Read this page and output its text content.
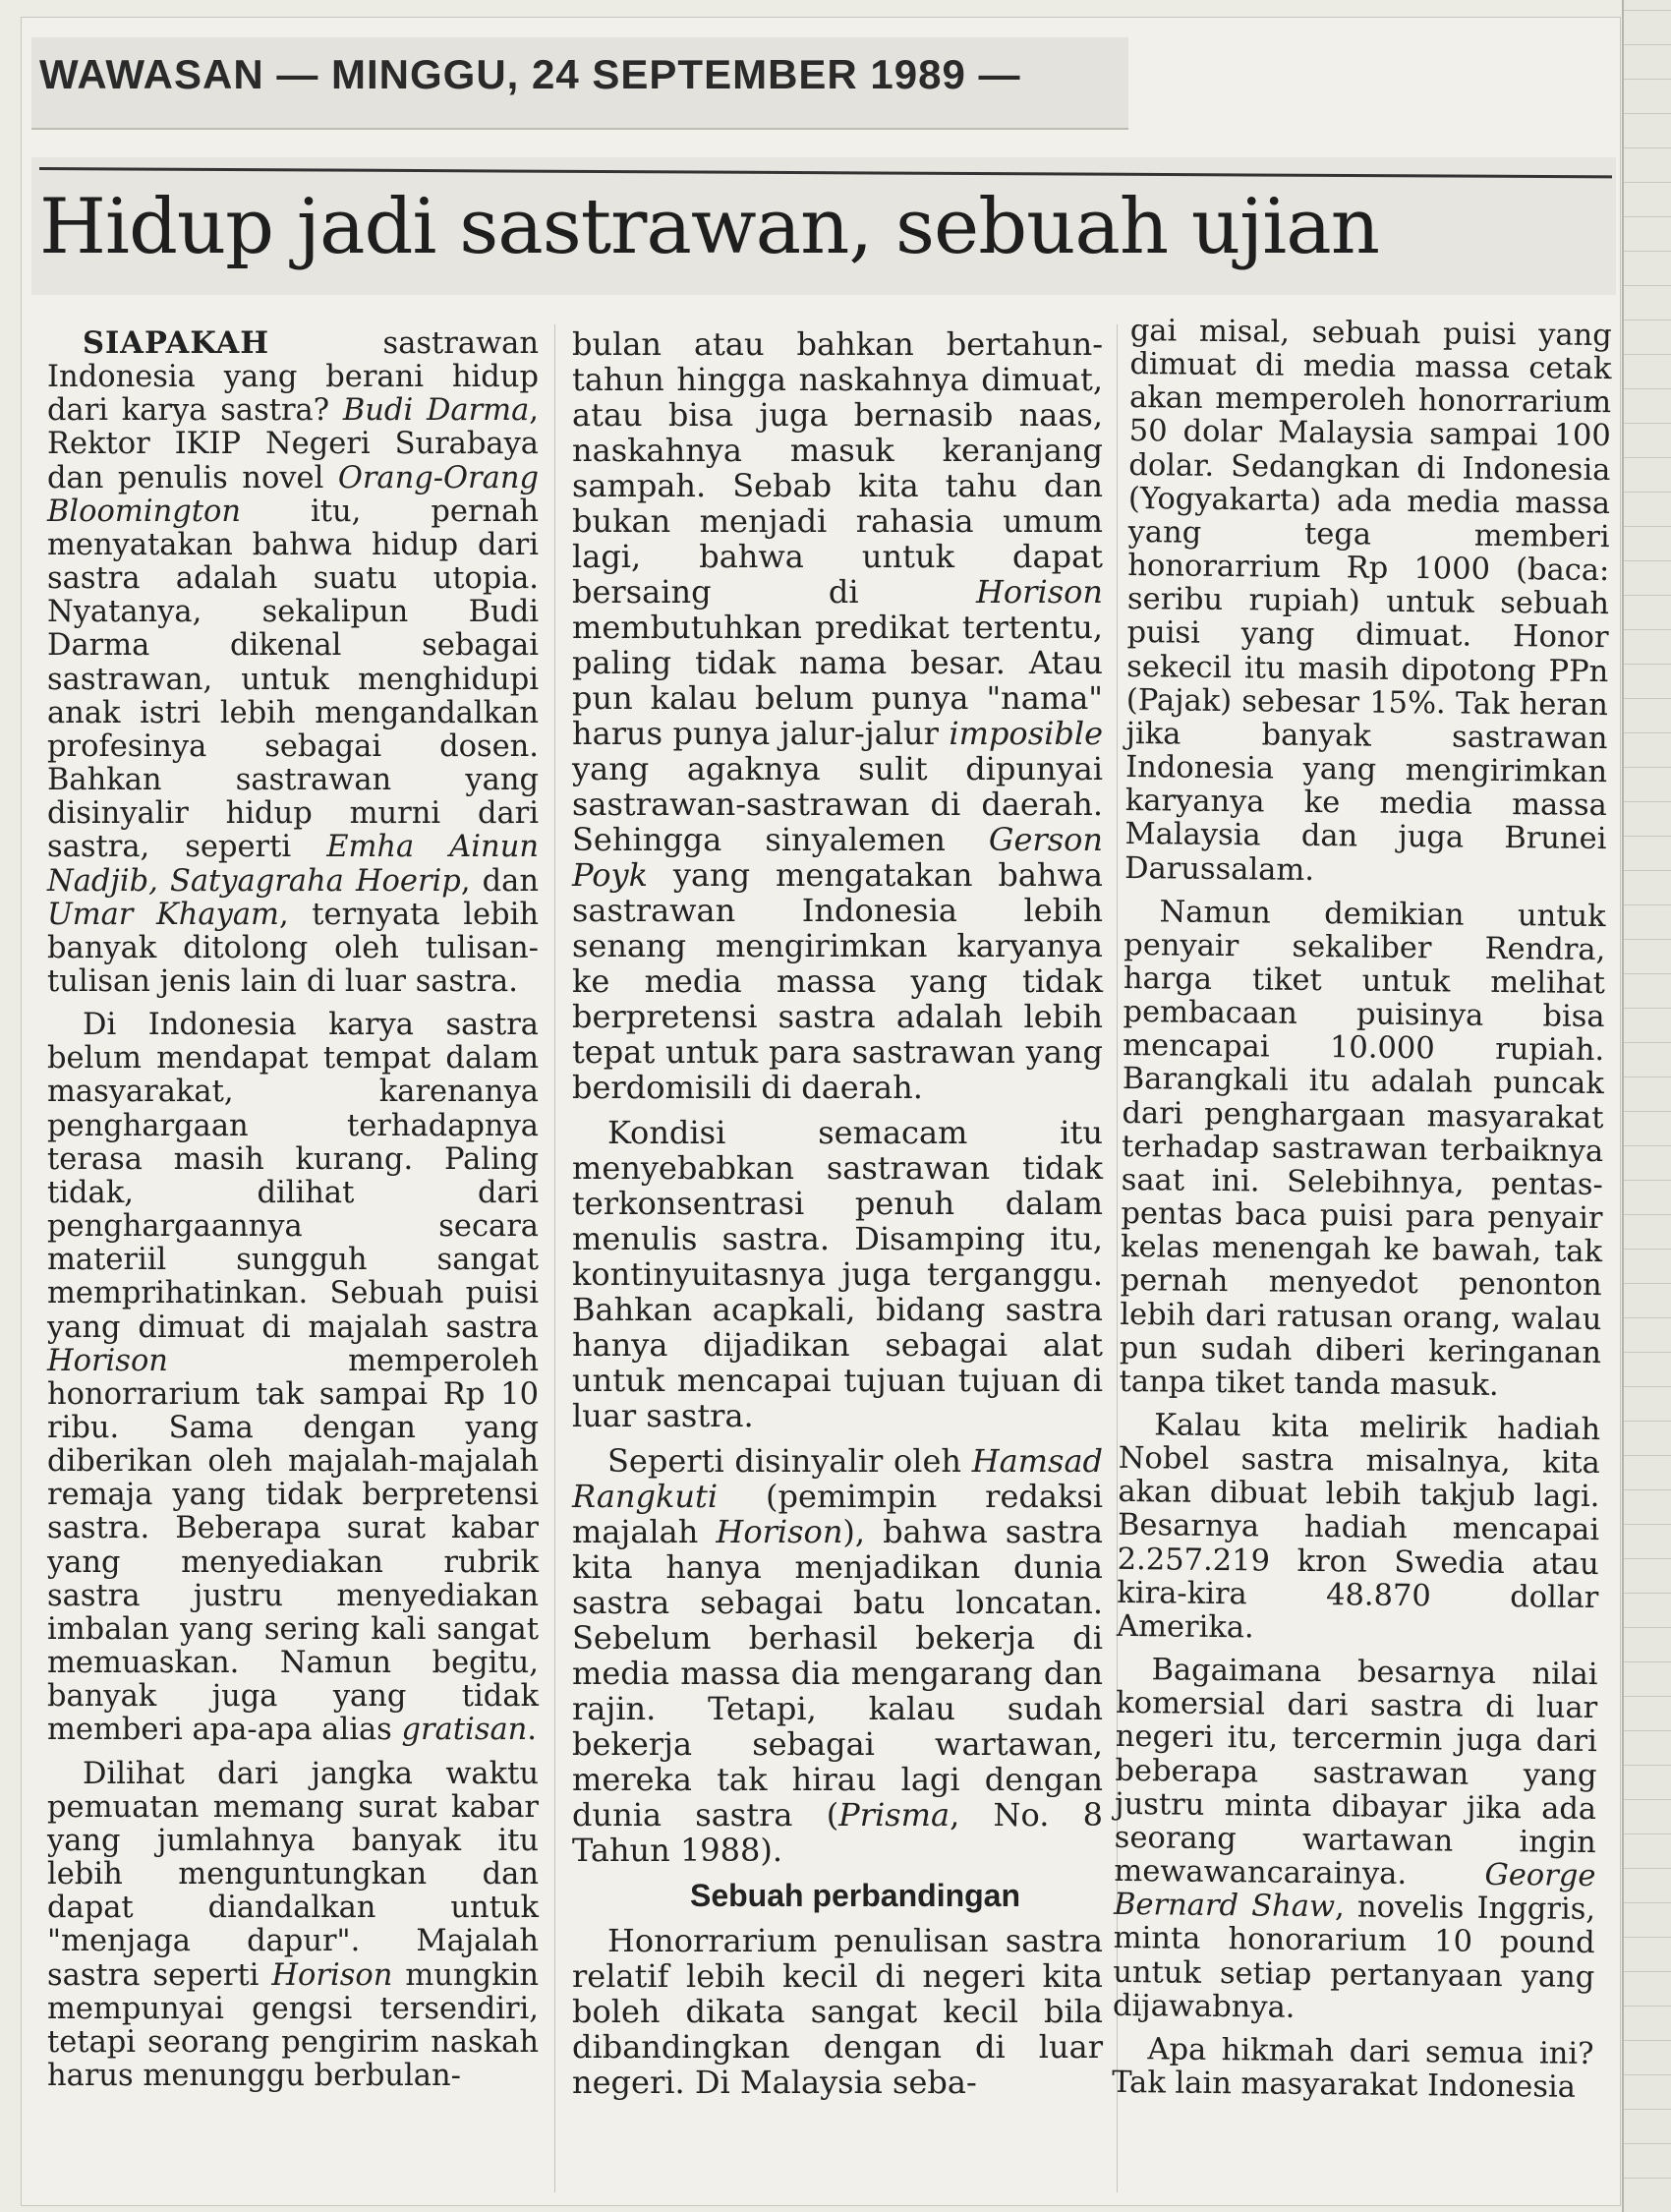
WAWASAN — MINGGU, 24 SEPTEMBER 1989 —
Hidup jadi sastrawan, sebuah ujian

SIAPAKAH sastrawan Indonesia yang berani hidup dari karya sastra? Budi Darma, Rektor IKIP Negeri Surabaya dan penulis novel Orang-Orang Bloomington itu, pernah menyatakan bahwa hidup dari sastra adalah suatu utopia. Nyatanya, sekalipun Budi Darma dikenal sebagai sastrawan, untuk menghidupi anak istri lebih mengandalkan profesinya sebagai dosen. Bahkan sastrawan yang disinyalir hidup murni dari sastra, seperti Emha Ainun Nadjib, Satyagraha Hoerip, dan Umar Khayam, ternyata lebih banyak ditolong oleh tulisan-tulisan jenis lain di luar sastra.

Di Indonesia karya sastra belum mendapat tempat dalam masyarakat, karenanya penghargaan terhadapnya terasa masih kurang. Paling tidak, dilihat dari penghargaannya secara materiil sungguh sangat memprihatinkan. Sebuah puisi yang dimuat di majalah sastra Horison memperoleh honorrarium tak sampai Rp 10 ribu. Sama dengan yang diberikan oleh majalah-majalah remaja yang tidak berpretensi sastra. Beberapa surat kabar yang menyediakan rubrik sastra justru menyediakan imbalan yang sering kali sangat memuaskan. Namun begitu, banyak juga yang tidak memberi apa-apa alias gratisan.

Dilihat dari jangka waktu pemuatan memang surat kabar yang jumlahnya banyak itu lebih menguntungkan dan dapat diandalkan untuk "menjaga dapur". Majalah sastra seperti Horison mungkin mempunyai gengsi tersendiri, tetapi seorang pengirim naskah harus menunggu berbulan-

bulan atau bahkan bertahun-tahun hingga naskahnya dimuat, atau bisa juga bernasib naas, naskahnya masuk keranjang sampah. Sebab kita tahu dan bukan menjadi rahasia umum lagi, bahwa untuk dapat bersaing di Horison membutuhkan predikat tertentu, paling tidak nama besar. Atau pun kalau belum punya "nama" harus punya jalur-jalur imposible yang agaknya sulit dipunyai sastrawan-sastrawan di daerah. Sehingga sinyalemen Gerson Poyk yang mengatakan bahwa sastrawan Indonesia lebih senang mengirimkan karyanya ke media massa yang tidak berpretensi sastra adalah lebih tepat untuk para sastrawan yang berdomisili di daerah.

Kondisi semacam itu menyebabkan sastrawan tidak terkonsentrasi penuh dalam menulis sastra. Disamping itu, kontinyuitasnya juga terganggu. Bahkan acapkali, bidang sastra hanya dijadikan sebagai alat untuk mencapai tujuan tujuan di luar sastra.

Seperti disinyalir oleh Hamsad Rangkuti (pemimpin redaksi majalah Horison), bahwa sastra kita hanya menjadikan dunia sastra sebagai batu loncatan. Sebelum berhasil bekerja di media massa dia mengarang dan rajin. Tetapi, kalau sudah bekerja sebagai wartawan, mereka tak hirau lagi dengan dunia sastra (Prisma, No. 8 Tahun 1988).

Sebuah perbandingan

Honorrarium penulisan sastra relatif lebih kecil di negeri kita boleh dikata sangat kecil bila dibandingkan dengan di luar negeri. Di Malaysia seba-

gai misal, sebuah puisi yang dimuat di media massa cetak akan memperoleh honorrarium 50 dolar Malaysia sampai 100 dolar. Sedangkan di Indonesia (Yogyakarta) ada media massa yang tega memberi honorarrium Rp 1000 (baca: seribu rupiah) untuk sebuah puisi yang dimuat. Honor sekecil itu masih dipotong PPn (Pajak) sebesar 15%. Tak heran jika banyak sastrawan Indonesia yang mengirimkan karyanya ke media massa Malaysia dan juga Brunei Darussalam.

Namun demikian untuk penyair sekaliber Rendra, harga tiket untuk melihat pembacaan puisinya bisa mencapai 10.000 rupiah. Barangkali itu adalah puncak dari penghargaan masyarakat terhadap sastrawan terbaiknya saat ini. Selebihnya, pentas-pentas baca puisi para penyair kelas menengah ke bawah, tak pernah menyedot penonton lebih dari ratusan orang, walau pun sudah diberi keringanan tanpa tiket tanda masuk.

Kalau kita melirik hadiah Nobel sastra misalnya, kita akan dibuat lebih takjub lagi. Besarnya hadiah mencapai 2.257.219 kron Swedia atau kira-kira 48.870 dollar Amerika.

Bagaimana besarnya nilai komersial dari sastra di luar negeri itu, tercermin juga dari beberapa sastrawan yang justru minta dibayar jika ada seorang wartawan ingin mewawancarainya. George Bernard Shaw, novelis Inggris, minta honorarium 10 pound untuk setiap pertanyaan yang dijawabnya.

Apa hikmah dari semua ini? Tak lain masyarakat Indonesia
